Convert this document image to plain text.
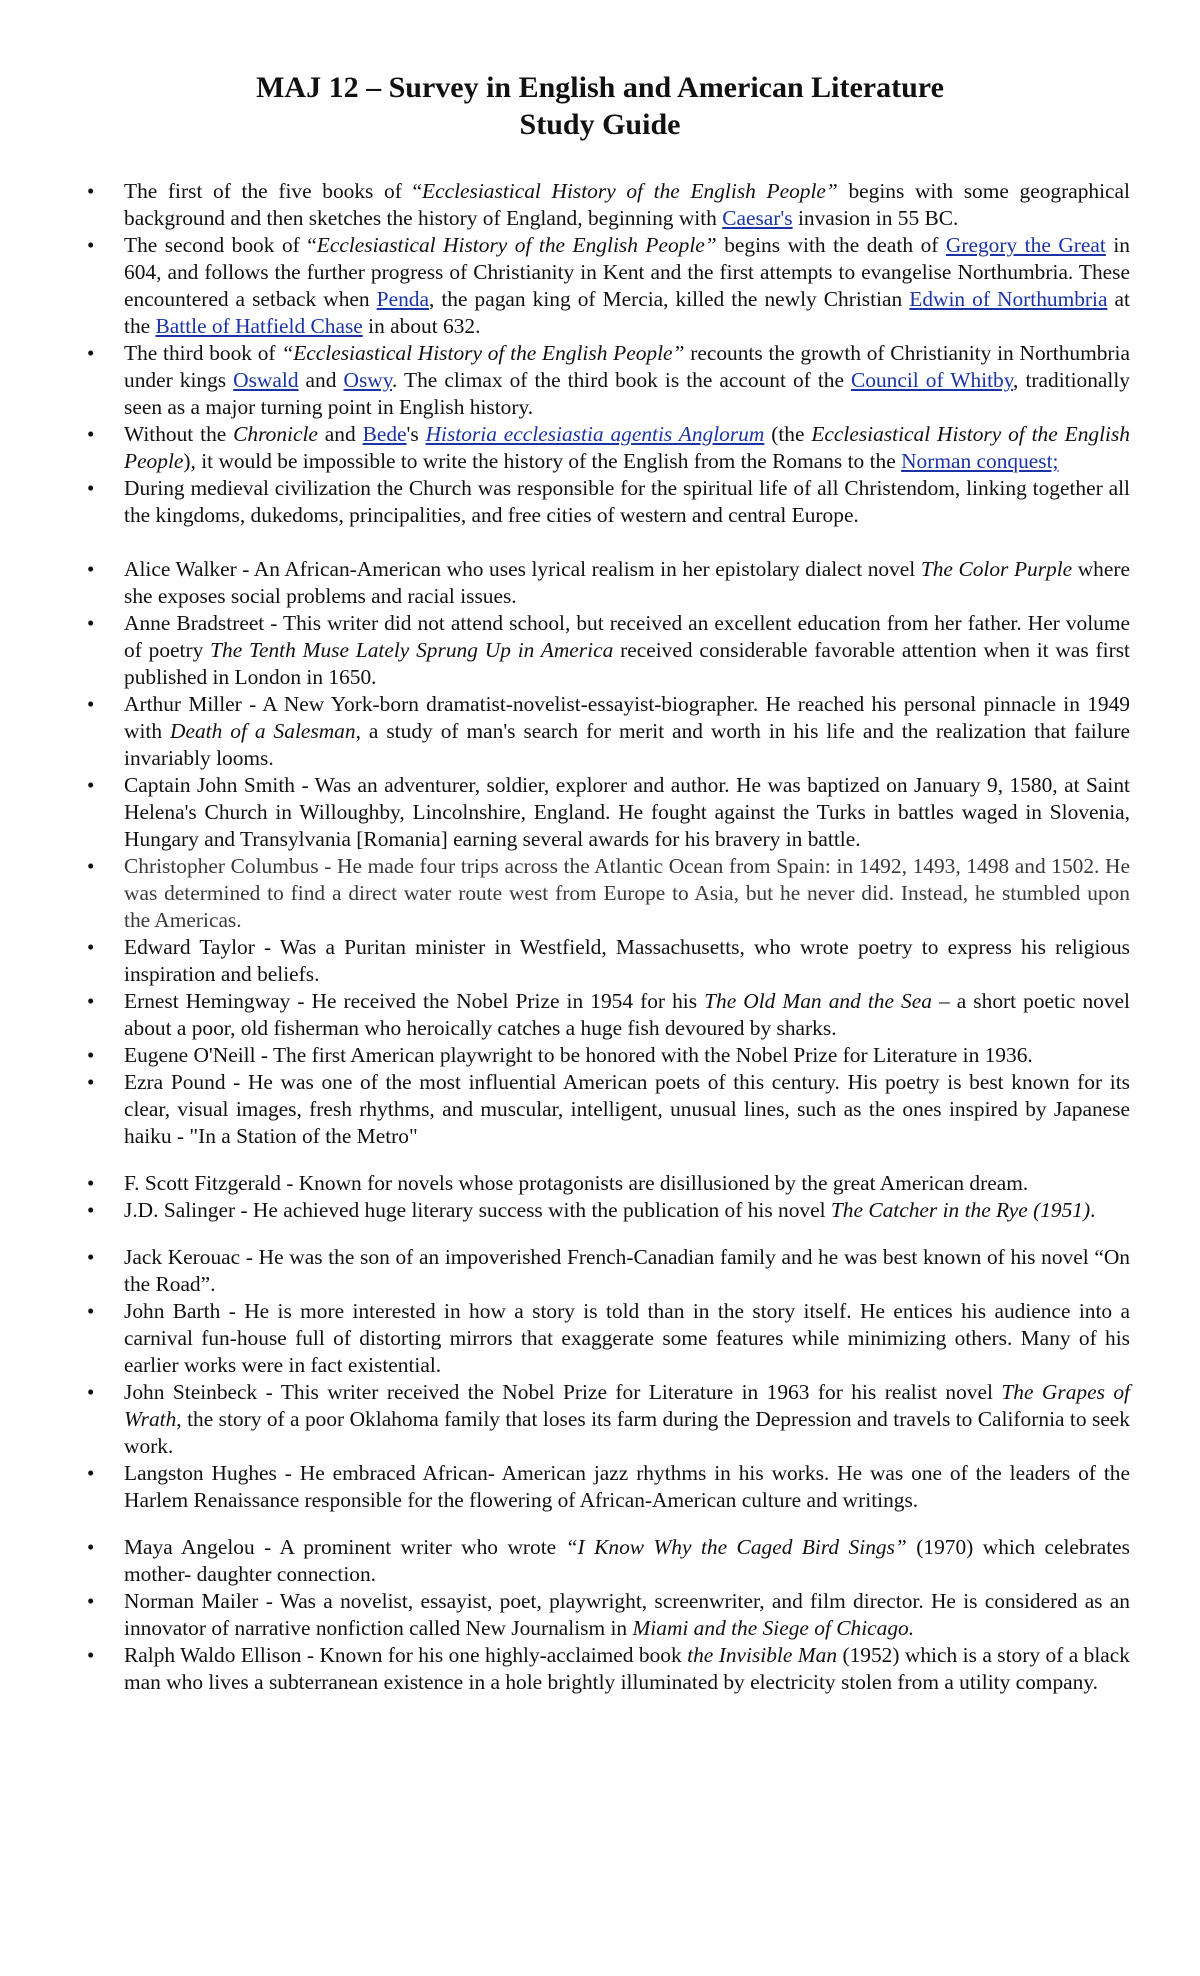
MAJ 12 – Survey in English and American Literature
Study Guide
• The first of the five books of “Ecclesiastical History of the English People” begins with some geographical background and then sketches the history of England, beginning with Caesar's invasion in 55 BC.
• The second book of “Ecclesiastical History of the English People” begins with the death of Gregory the Great in 604, and follows the further progress of Christianity in Kent and the first attempts to evangelise Northumbria. These encountered a setback when Penda, the pagan king of Mercia, killed the newly Christian Edwin of Northumbria at the Battle of Hatfield Chase in about 632.
• The third book of “Ecclesiastical History of the English People” recounts the growth of Christianity in Northumbria under kings Oswald and Oswy. The climax of the third book is the account of the Council of Whitby, traditionally seen as a major turning point in English history.
• Without the Chronicle and Bede's Historia ecclesiastia agentis Anglorum (the Ecclesiastical History of the English People), it would be impossible to write the history of the English from the Romans to the Norman conquest;
• During medieval civilization the Church was responsible for the spiritual life of all Christendom, linking together all the kingdoms, dukedoms, principalities, and free cities of western and central Europe.
• Alice Walker - An African-American who uses lyrical realism in her epistolary dialect novel The Color Purple where she exposes social problems and racial issues.
• Anne Bradstreet - This writer did not attend school, but received an excellent education from her father. Her volume of poetry The Tenth Muse Lately Sprung Up in America received considerable favorable attention when it was first published in London in 1650.
• Arthur Miller - A New York-born dramatist-novelist-essayist-biographer. He reached his personal pinnacle in 1949 with Death of a Salesman, a study of man's search for merit and worth in his life and the realization that failure invariably looms.
• Captain John Smith - Was an adventurer, soldier, explorer and author. He was baptized on January 9, 1580, at Saint Helena's Church in Willoughby, Lincolnshire, England. He fought against the Turks in battles waged in Slovenia, Hungary and Transylvania [Romania] earning several awards for his bravery in battle.
• Christopher Columbus - He made four trips across the Atlantic Ocean from Spain: in 1492, 1493, 1498 and 1502. He was determined to find a direct water route west from Europe to Asia, but he never did. Instead, he stumbled upon the Americas.
• Edward Taylor - Was a Puritan minister in Westfield, Massachusetts, who wrote poetry to express his religious inspiration and beliefs.
• Ernest Hemingway - He received the Nobel Prize in 1954 for his The Old Man and the Sea – a short poetic novel about a poor, old fisherman who heroically catches a huge fish devoured by sharks.
• Eugene O'Neill - The first American playwright to be honored with the Nobel Prize for Literature in 1936.
• Ezra Pound - He was one of the most influential American poets of this century. His poetry is best known for its clear, visual images, fresh rhythms, and muscular, intelligent, unusual lines, such as the ones inspired by Japanese haiku - "In a Station of the Metro"
• F. Scott Fitzgerald - Known for novels whose protagonists are disillusioned by the great American dream.
• J.D. Salinger - He achieved huge literary success with the publication of his novel The Catcher in the Rye (1951).
• Jack Kerouac - He was the son of an impoverished French-Canadian family and he was best known of his novel “On the Road”.
• John Barth - He is more interested in how a story is told than in the story itself. He entices his audience into a carnival fun-house full of distorting mirrors that exaggerate some features while minimizing others. Many of his earlier works were in fact existential.
• John Steinbeck - This writer received the Nobel Prize for Literature in 1963 for his realist novel The Grapes of Wrath, the story of a poor Oklahoma family that loses its farm during the Depression and travels to California to seek work.
• Langston Hughes - He embraced African- American jazz rhythms in his works. He was one of the leaders of the Harlem Renaissance responsible for the flowering of African-American culture and writings.
• Maya Angelou - A prominent writer who wrote “I Know Why the Caged Bird Sings” (1970) which celebrates mother- daughter connection.
• Norman Mailer - Was a novelist, essayist, poet, playwright, screenwriter, and film director. He is considered as an innovator of narrative nonfiction called New Journalism in Miami and the Siege of Chicago.
• Ralph Waldo Ellison - Known for his one highly-acclaimed book the Invisible Man (1952) which is a story of a black man who lives a subterranean existence in a hole brightly illuminated by electricity stolen from a utility company.
